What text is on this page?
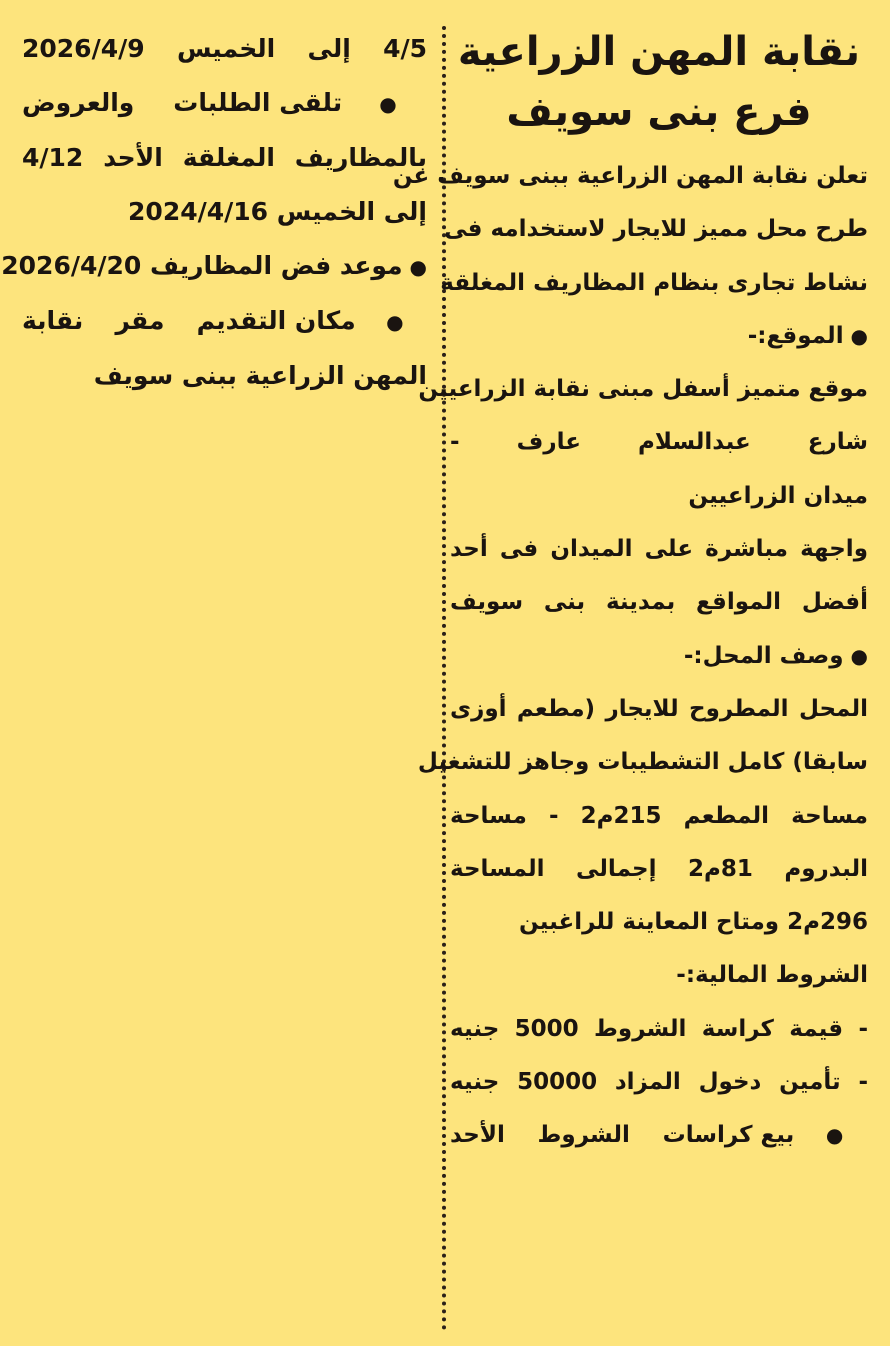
نقابة المهن الزراعية
فرع بنى سويف
تعلن نقابة المهن الزراعية ببنى سويف عن
طرح محل مميز للايجار لاستخدامه فى
نشاط تجارى بنظام المظاريف المغلقة
● الموقع:-
موقع متميز أسفل مبنى نقابة الزراعيين
شارع عبدالسلام عارف -
ميدان الزراعيين
واجهة مباشرة على الميدان فى أحد
أفضل المواقع بمدينة بنى سويف
● وصف المحل:-
المحل المطروح للايجار (مطعم أوزى
سابقا) كامل التشطيبات وجاهز للتشغيل
مساحة المطعم 215م2 - مساحة
البدروم 81م2 إجمالى المساحة
296م2 ومتاح المعاينة للراغبين
الشروط المالية:-
- قيمة كراسة الشروط 5000 جنيه
- تأمين دخول المزاد 50000 جنيه
● بيع كراسات الشروط الأحد
4/5 إلى الخميس 2026/4/9
● تلقى الطلبات والعروض
بالمظاريف المغلقة الأحد 4/12
إلى الخميس 2024/4/16
● موعد فض المظاريف 2026/4/20
● مكان التقديم مقر نقابة
المهن الزراعية ببنى سويف
